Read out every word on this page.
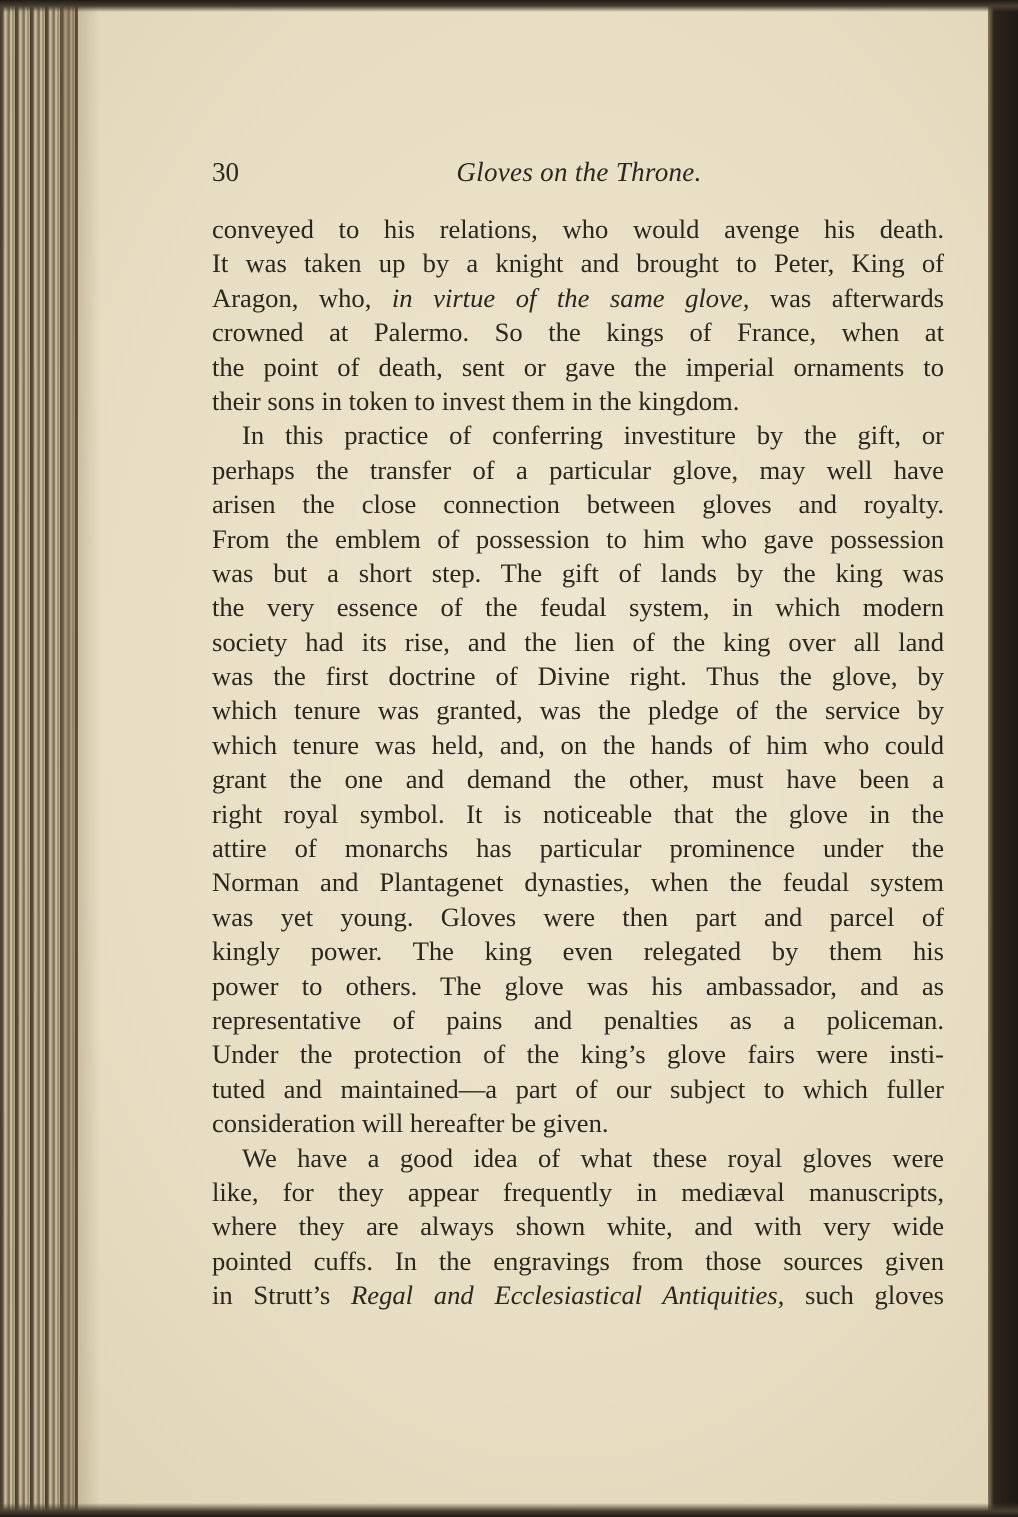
30	Gloves on the Throne.
conveyed to his relations, who would avenge his death.
It was taken up by a knight and brought to Peter, King of
Aragon, who, in virtue of the same glove, was afterwards
crowned at Palermo. So the kings of France, when at
the point of death, sent or gave the imperial ornaments to
their sons in token to invest them in the kingdom.
In this practice of conferring investiture by the gift, or
perhaps the transfer of a particular glove, may well have
arisen the close connection between gloves and royalty.
From the emblem of possession to him who gave possession
was but a short step. The gift of lands by the king was
the very essence of the feudal system, in which modern
society had its rise, and the lien of the king over all land
was the first doctrine of Divine right. Thus the glove, by
which tenure was granted, was the pledge of the service by
which tenure was held, and, on the hands of him who could
grant the one and demand the other, must have been a
right royal symbol. It is noticeable that the glove in the
attire of monarchs has particular prominence under the
Norman and Plantagenet dynasties, when the feudal system
was yet young. Gloves were then part and parcel of
kingly power. The king even relegated by them his
power to others. The glove was his ambassador, and as
representative of pains and penalties as a policeman.
Under the protection of the king’s glove fairs were insti-
tuted and maintained—a part of our subject to which fuller
consideration will hereafter be given.
We have a good idea of what these royal gloves were
like, for they appear frequently in mediæval manuscripts,
where they are always shown white, and with very wide
pointed cuffs. In the engravings from those sources given
in Strutt’s Regal and Ecclesiastical Antiquities, such gloves
